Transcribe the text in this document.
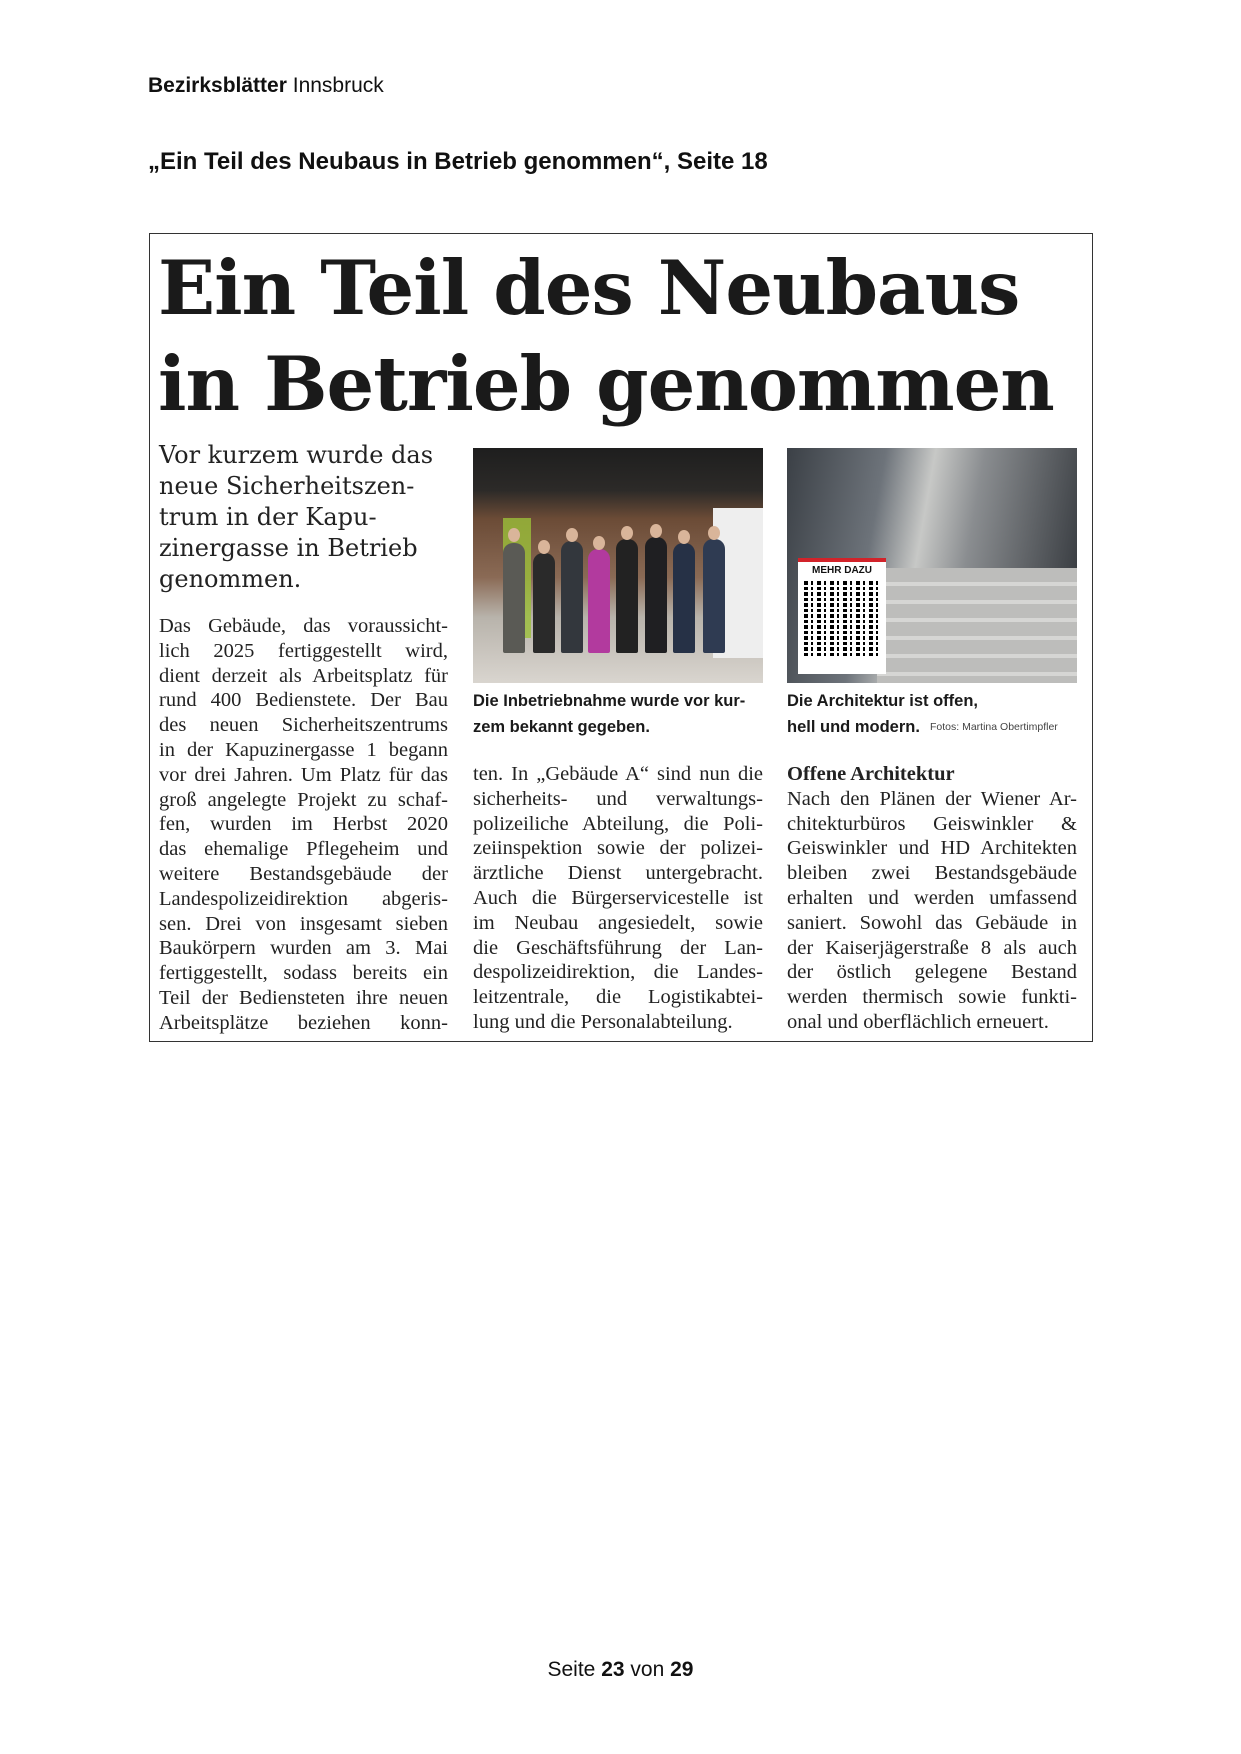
Bezirksblätter Innsbruck
„Ein Teil des Neubaus in Betrieb genommen“, Seite 18
Ein Teil des Neubaus
in Betrieb genommen
Vor kurzem wurde das neue Sicherheitszen- trum in der Kapu- zinergasse in Betrieb genommen.
Das Gebäude, das voraussicht-
lich 2025 fertiggestellt wird,
dient derzeit als Arbeitsplatz für
rund 400 Bedienstete. Der Bau
des neuen Sicherheitszentrums
in der Kapuzinergasse 1 begann
vor drei Jahren. Um Platz für das
groß angelegte Projekt zu schaf-
fen, wurden im Herbst 2020
das ehemalige Pflegeheim und
weitere Bestandsgebäude der
Landespolizeidirektion abgeris-
sen. Drei von insgesamt sieben
Baukörpern wurden am 3. Mai
fertiggestellt, sodass bereits ein
Teil der Bediensteten ihre neuen
Arbeitsplätze beziehen konn-
ten. In „Gebäude A“ sind nun die
sicherheits- und verwaltungs-
polizeiliche Abteilung, die Poli-
zeiinspektion sowie der polizei-
ärztliche Dienst untergebracht.
Auch die Bürgerservicestelle ist
im Neubau angesiedelt, sowie
die Geschäftsführung der Lan-
despolizeidirektion, die Landes-
leitzentrale, die Logistikabtei-
lung und die Personalabteilung.
Offene Architektur
Nach den Plänen der Wiener Ar-
chitekturbüros Geiswinkler &
Geiswinkler und HD Architekten
bleiben zwei Bestandsgebäude
erhalten und werden umfassend
saniert. Sowohl das Gebäude in
der Kaiserjägerstraße 8 als auch
der östlich gelegene Bestand
werden thermisch sowie funkti-
onal und oberflächlich erneuert.
MEHR DAZU
Die Inbetriebnahme wurde vor kur- zem bekannt gegeben.
Die Architektur ist offen, hell und modern. Fotos: Martina Obertimpfler
Seite 23 von 29
